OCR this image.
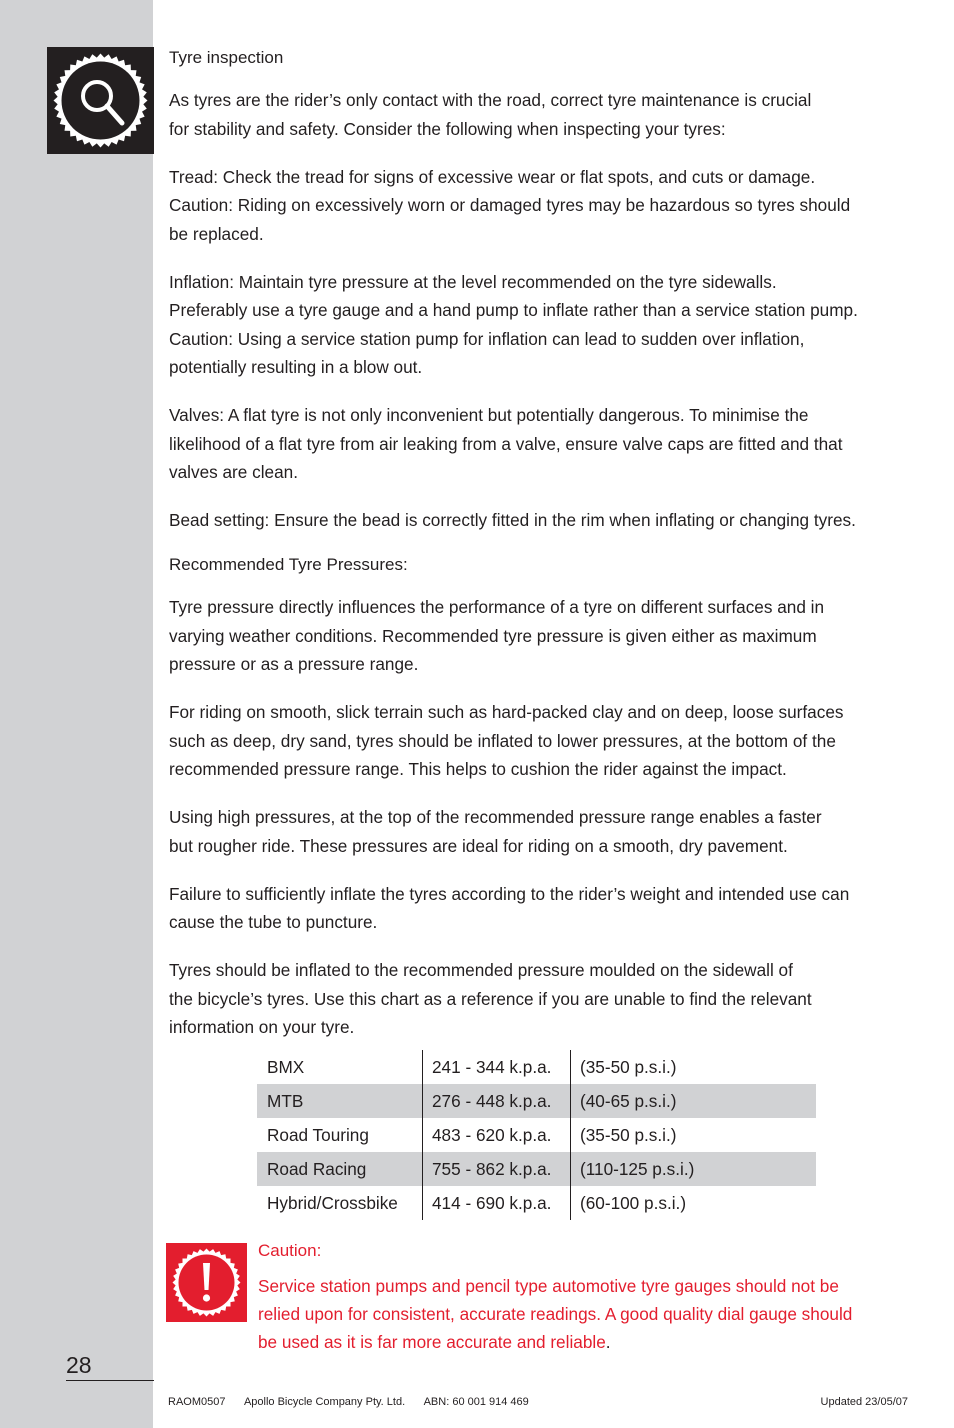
Tyre inspection

As tyres are the rider’s only contact with the road, correct tyre maintenance is crucial
for stability and safety. Consider the following when inspecting your tyres:

Tread: Check the tread for signs of excessive wear or flat spots, and cuts or damage.
Caution: Riding on excessively worn or damaged tyres may be hazardous so tyres should
be replaced.

Inflation: Maintain tyre pressure at the level recommended on the tyre sidewalls.
Preferably use a tyre gauge and a hand pump to inflate rather than a service station pump.
Caution: Using a service station pump for inflation can lead to sudden over inflation,
potentially resulting in a blow out.

Valves: A flat tyre is not only inconvenient but potentially dangerous. To minimise the
likelihood of a flat tyre from air leaking from a valve, ensure valve caps are fitted and that
valves are clean.

Bead setting: Ensure the bead is correctly fitted in the rim when inflating or changing tyres.

Recommended Tyre Pressures:

Tyre pressure directly influences the performance of a tyre on different surfaces and in
varying weather conditions. Recommended tyre pressure is given either as maximum
pressure or as a pressure range.

For riding on smooth, slick terrain such as hard-packed clay and on deep, loose surfaces
such as deep, dry sand, tyres should be inflated to lower pressures, at the bottom of the
recommended pressure range. This helps to cushion the rider against the impact.

Using high pressures, at the top of the recommended pressure range enables a faster
but rougher ride. These pressures are ideal for riding on a smooth, dry pavement.

Failure to sufficiently inflate the tyres according to the rider’s weight and intended use can
cause the tube to puncture.

Tyres should be inflated to the recommended pressure moulded on the sidewall of
the bicycle’s tyres. Use this chart as a reference if you are unable to find the relevant
information on your tyre.

BMX	241 - 344 k.p.a.	(35-50 p.s.i.)
MTB	276 - 448 k.p.a.	(40-65 p.s.i.)
Road Touring	483 - 620 k.p.a.	(35-50 p.s.i.)
Road Racing	755 - 862 k.p.a.	(110-125 p.s.i.)
Hybrid/Crossbike	414 - 690 k.p.a.	(60-100 p.s.i.)

Caution:

Service station pumps and pencil type automotive tyre gauges should not be
relied upon for consistent, accurate readings. A good quality dial gauge should
be used as it is far more accurate and reliable.

28
RAOM0507 Apollo Bicycle Company Pty. Ltd. ABN: 60 001 914 469	Updated 23/05/07
